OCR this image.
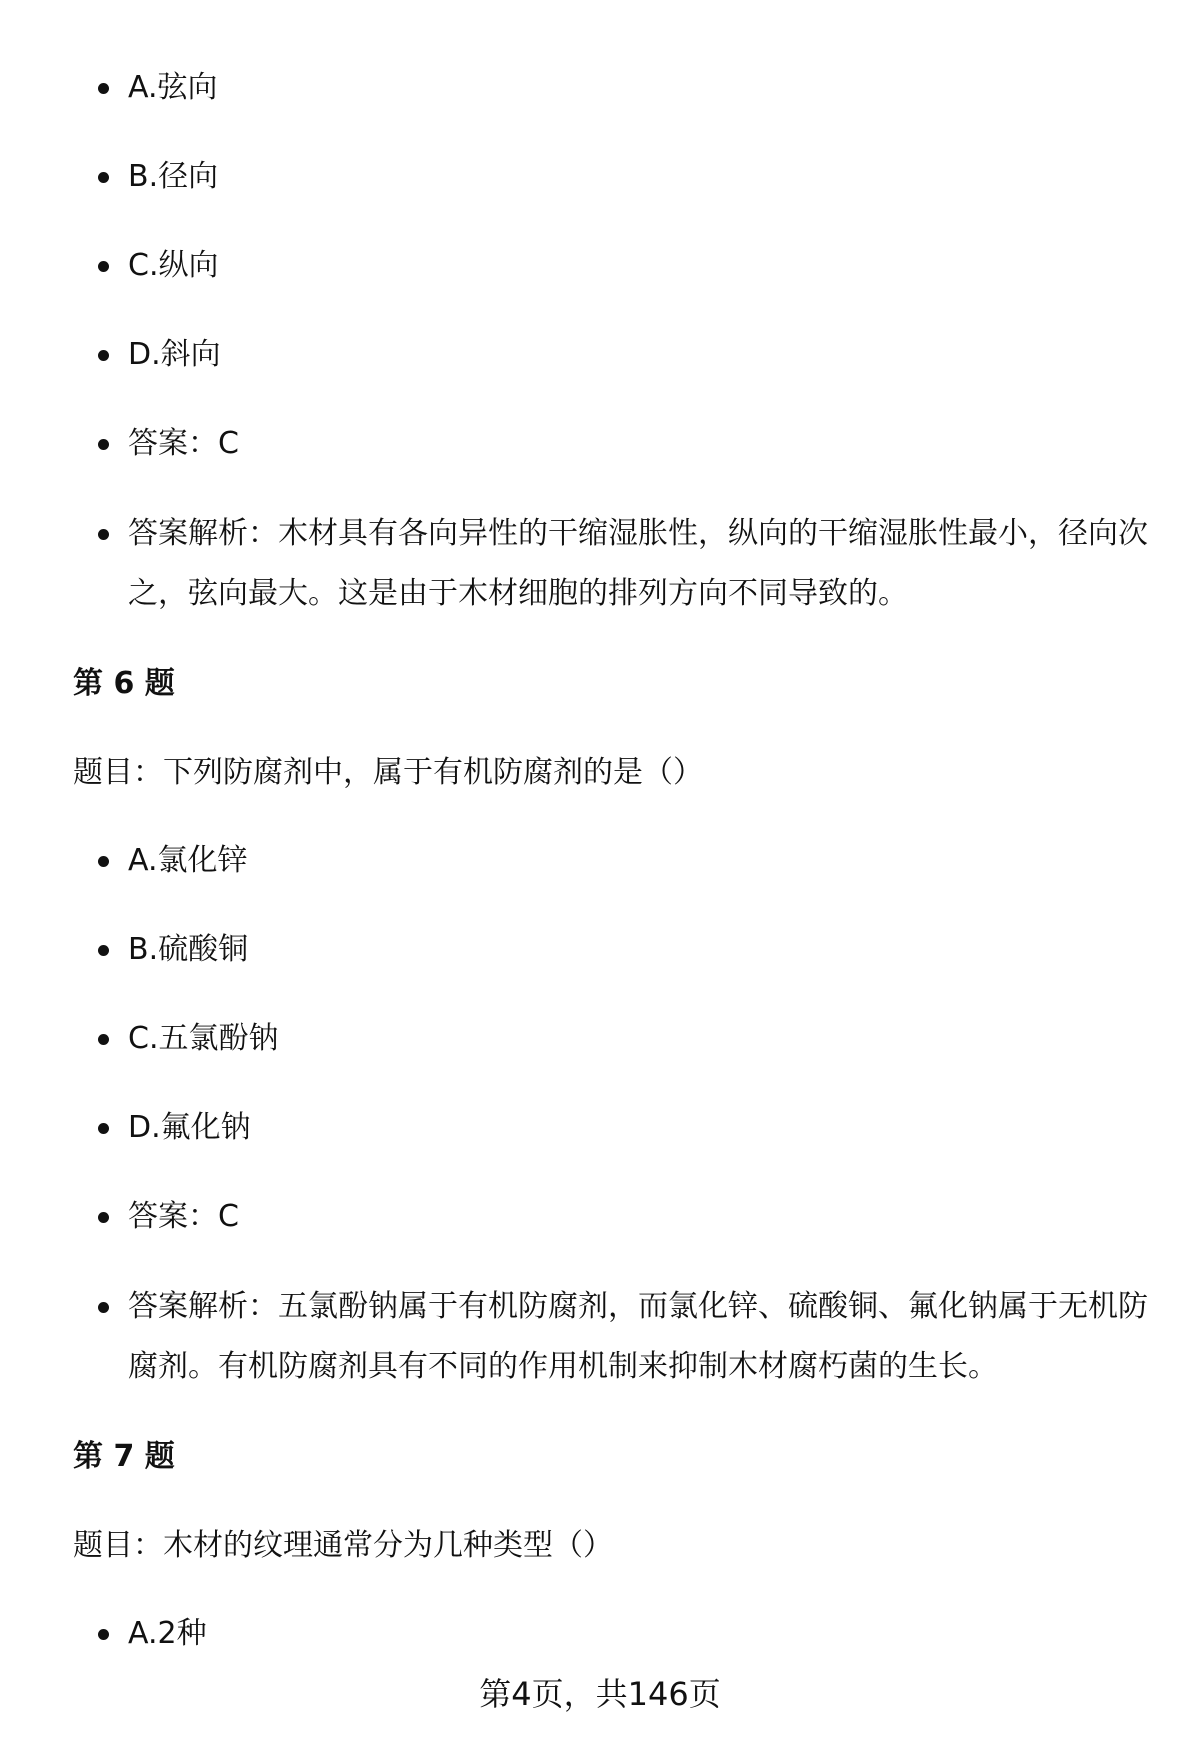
A.弦向
B.径向
C.纵向
D.斜向
答案：C
答案解析：木材具有各向异性的干缩湿胀性，纵向的干缩湿胀性最小，径向次之，弦向最大。这是由于木材细胞的排列方向不同导致的。
第 6 题
题目：下列防腐剂中，属于有机防腐剂的是（）
A.氯化锌
B.硫酸铜
C.五氯酚钠
D.氟化钠
答案：C
答案解析：五氯酚钠属于有机防腐剂，而氯化锌、硫酸铜、氟化钠属于无机防腐剂。有机防腐剂具有不同的作用机制来抑制木材腐朽菌的生长。
第 7 题
题目：木材的纹理通常分为几种类型（）
A.2种
第4页，共146页
